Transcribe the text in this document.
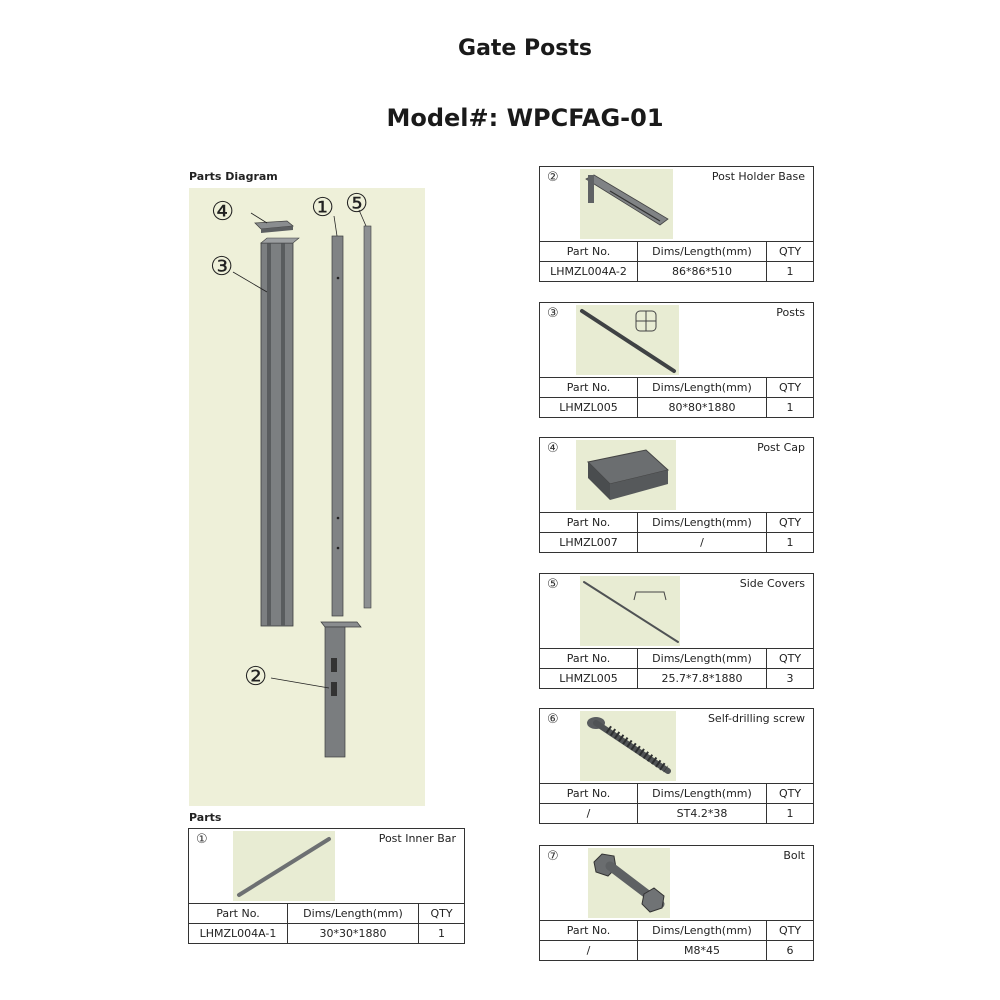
Gate Posts
Model#: WPCFAG-01
Parts Diagram
③
④	① ⑤
②
Parts
①	Post Inner Bar
Part No.	Dims/Length(mm)	QTY
LHMZL004A-1	30*30*1880	1
②	Post Holder Base
Part No.	Dims/Length(mm)	QTY
LHMZL004A-2	86*86*510	1
③	Posts
Part No.	Dims/Length(mm)	QTY
LHMZL005	80*80*1880	1
④	Post Cap
Part No.	Dims/Length(mm)	QTY
LHMZL007	/	1
⑤	Side Covers
Part No.	Dims/Length(mm)	QTY
LHMZL005	25.7*7.8*1880	3
⑥	Self-drilling screw
Part No.	Dims/Length(mm)	QTY
/	ST4.2*38	1
⑦	Bolt
Part No.	Dims/Length(mm)	QTY
/	M8*45	6
